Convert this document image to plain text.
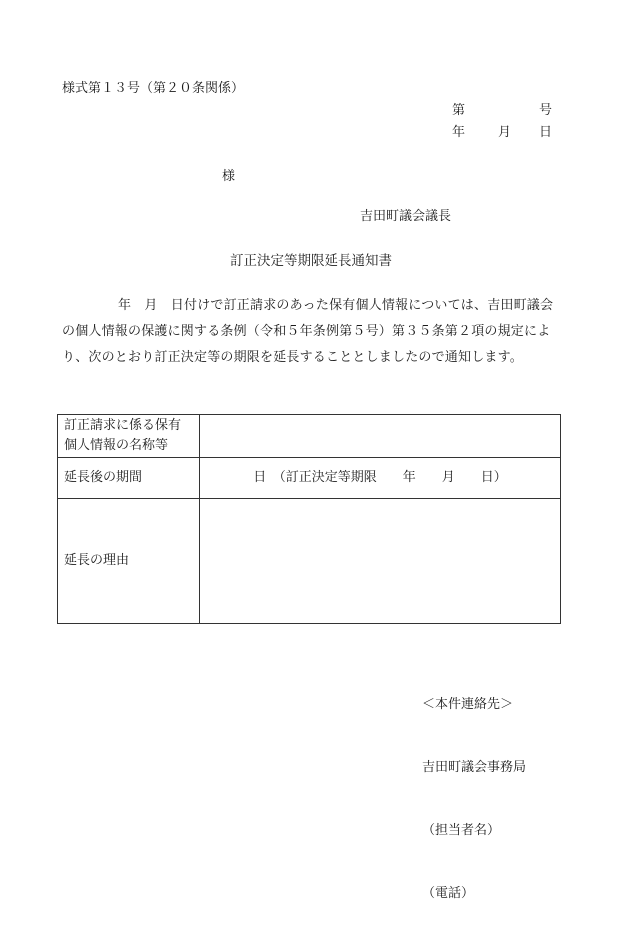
様式第１３号（第２０条関係）
第	号
年	月 日
様
吉田町議会議長
訂正決定等期限延長通知書
年　月　日付けで訂正請求のあった保有個人情報については、吉田町議会の個人情報の保護に関する条例（令和５年条例第５号）第３５条第２項の規定により、次のとおり訂正決定等の期限を延長することとしましたので通知します。
訂正請求に係る保有個人情報の名称等	
延長後の期間	日　（訂正決定等期限　　年　　月　　日）
延長の理由	

＜本件連絡先＞

吉田町議会事務局

（担当者名）

（電話）
